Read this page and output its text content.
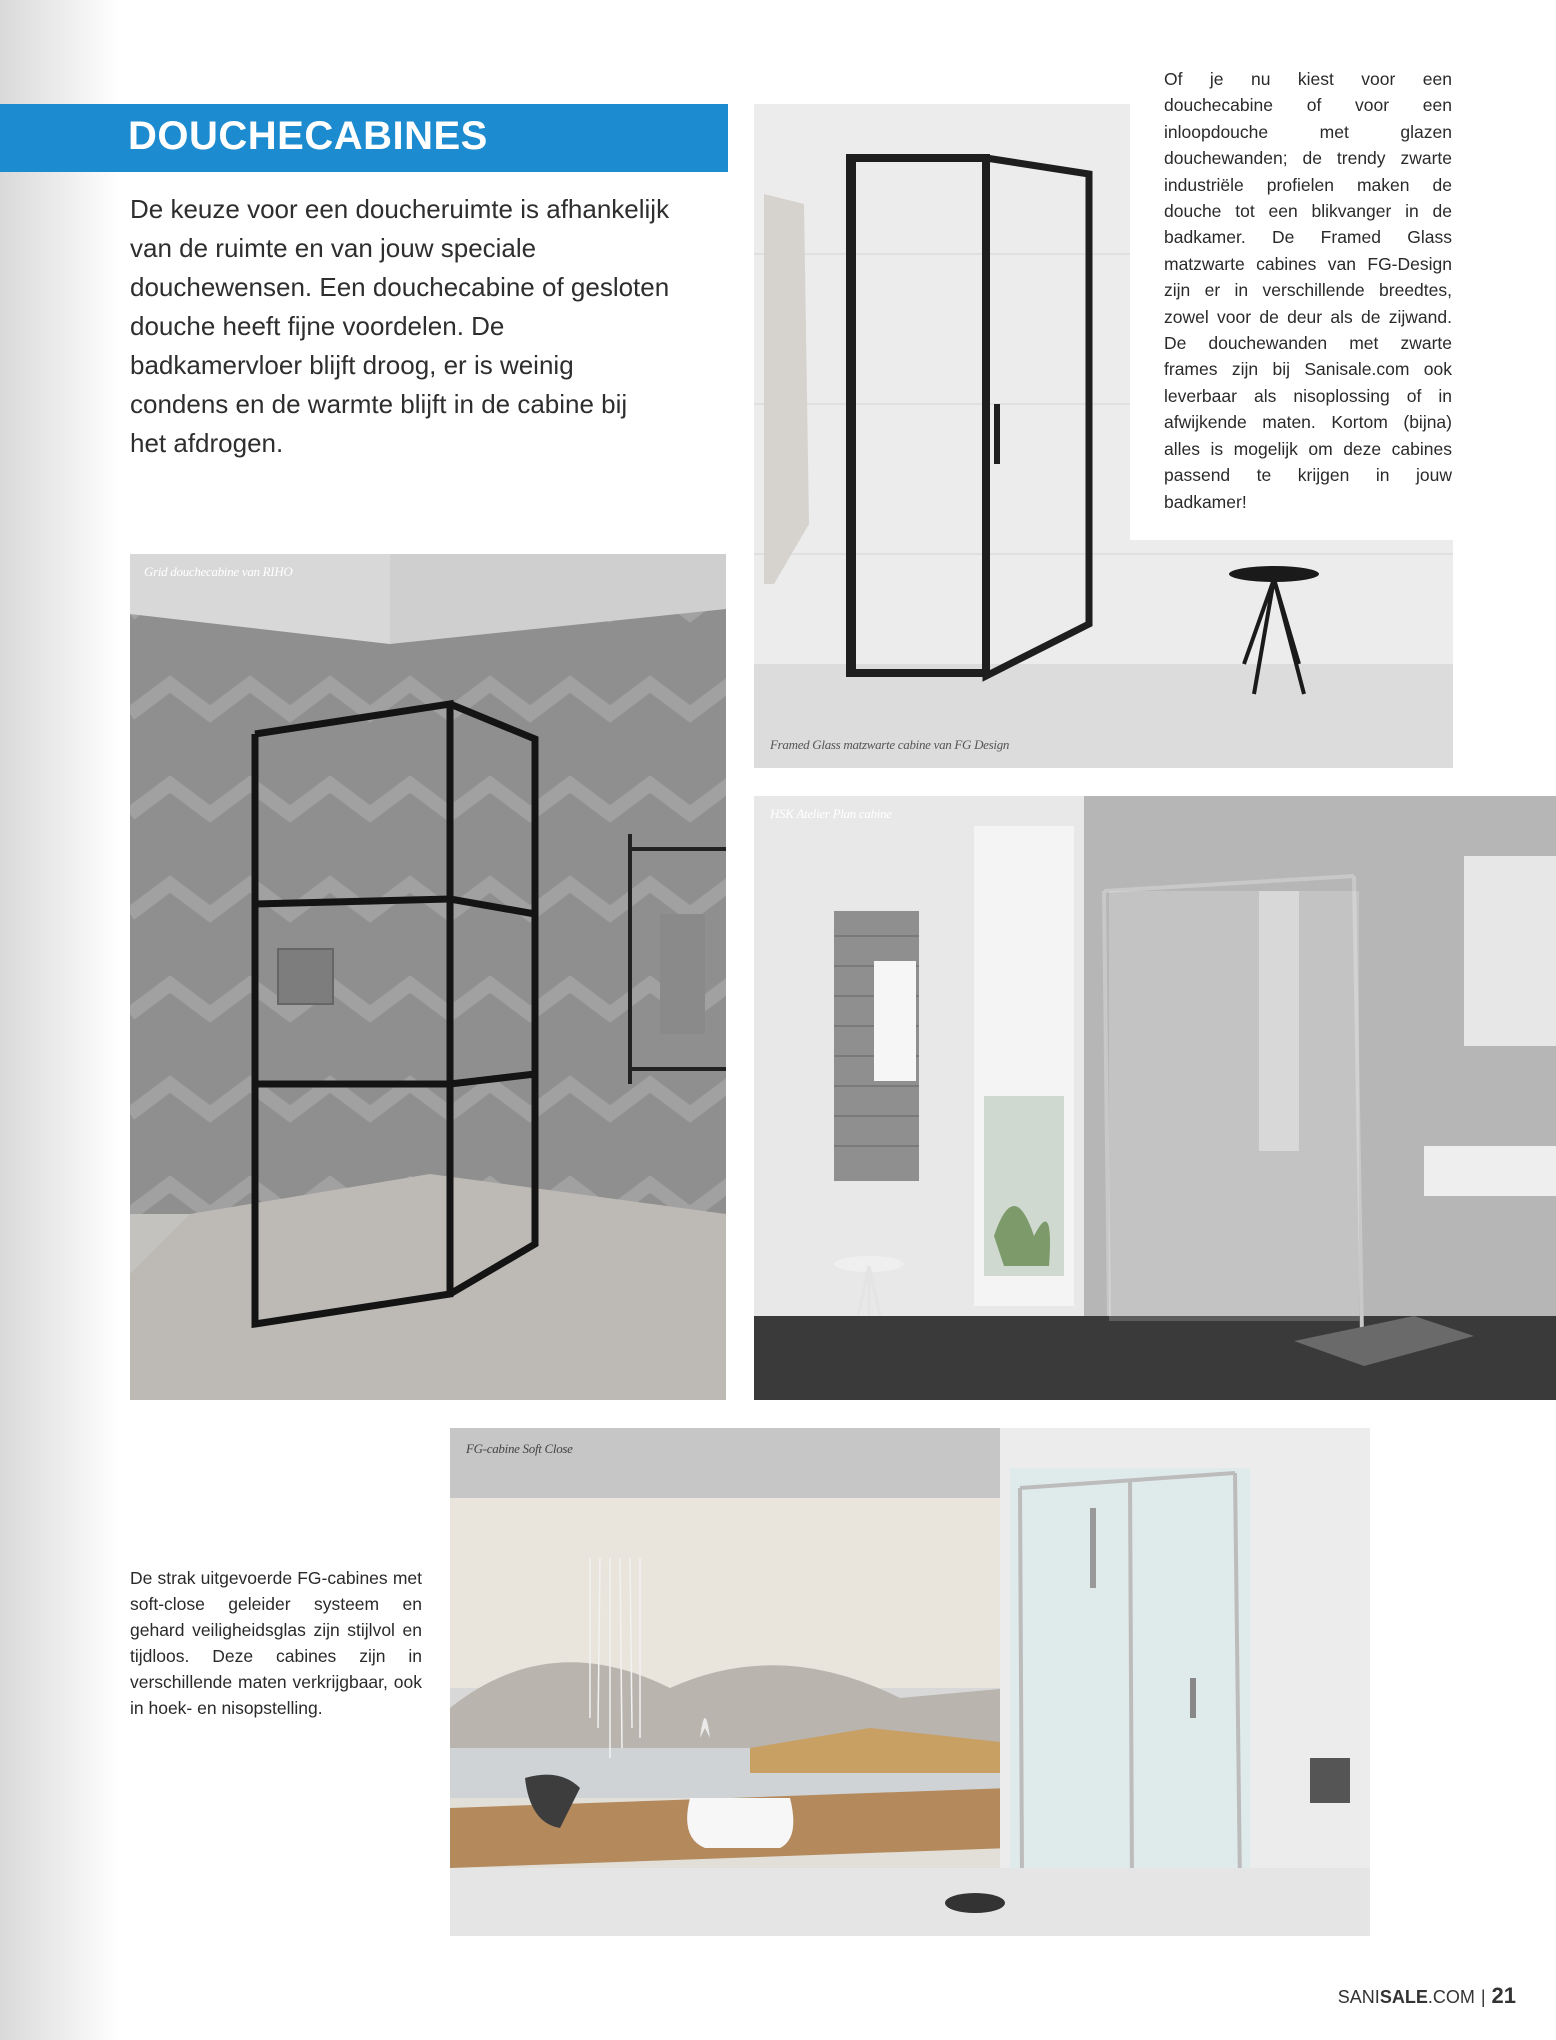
DOUCHECABINES
De keuze voor een doucheruimte is afhankelijk van de ruimte en van jouw speciale douchewensen. Een douchecabine of gesloten douche heeft fijne voordelen. De badkamervloer blijft droog, er is weinig condens en de warmte blijft in de cabine bij het afdrogen.
Of je nu kiest voor een douchecabine of voor een inloopdouche met glazen douchewanden; de trendy zwarte industriële profielen maken de douche tot een blikvanger in de badkamer. De Framed Glass matzwarte cabines van FG-Design zijn er in verschillende breedtes, zowel voor de deur als de zijwand. De douchewanden met zwarte frames zijn bij Sanisale.com ook leverbaar als nisoplossing of in afwijkende maten. Kortom (bijna) alles is mogelijk om deze cabines passend te krijgen in jouw badkamer!
Framed Glass matzwarte cabine van FG Design
Grid douchecabine van RIHO
HSK Atelier Plan cabine
De strak uitgevoerde FG-cabines met soft-close geleider systeem en gehard veiligheidsglas zijn stijlvol en tijdloos. Deze cabines zijn in verschillende maten verkrijgbaar, ook in hoek- en nisopstelling.
FG-cabine Soft Close
SANISALE.COM | 21
